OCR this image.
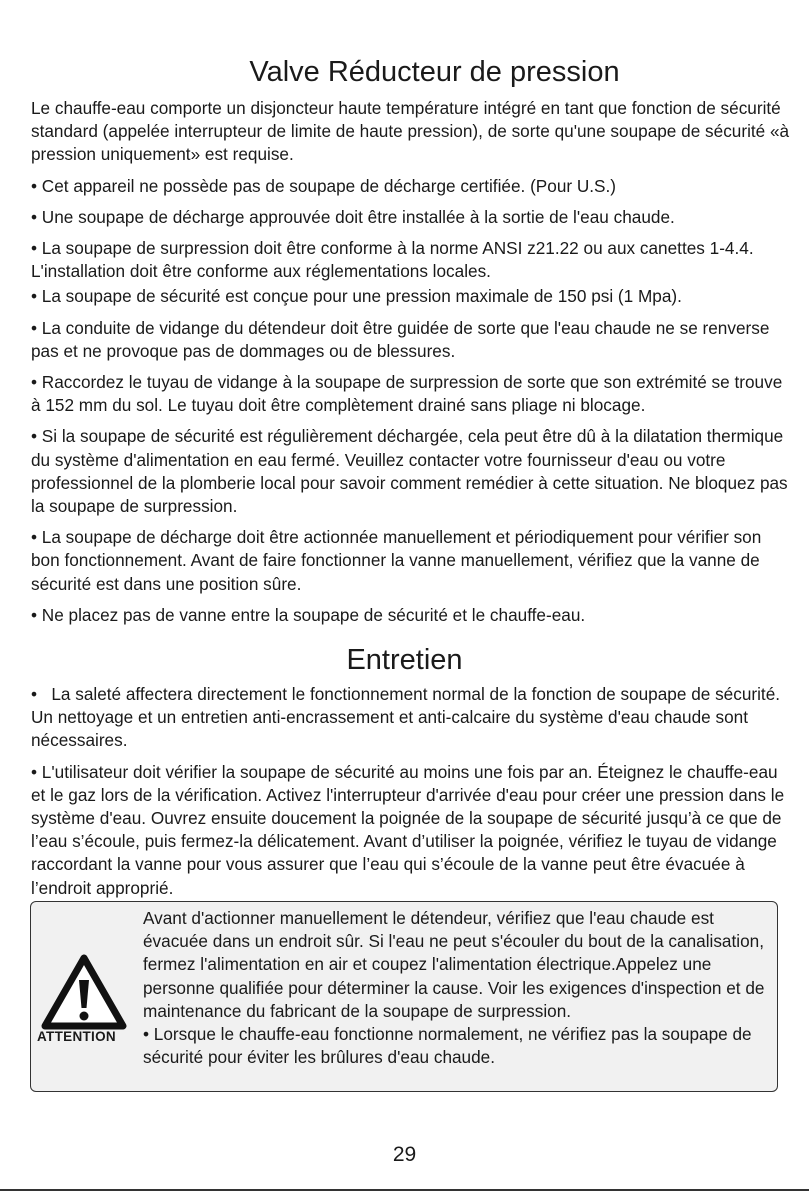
Valve Réducteur de pression

Le chauffe-eau comporte un disjoncteur haute température intégré en tant que fonction de sécurité standard (appelée interrupteur de limite de haute pression), de sorte qu'une soupape de sécurité «à pression uniquement» est requise.

• Cet appareil ne possède pas de soupape de décharge certifiée. (Pour U.S.)

• Une soupape de décharge approuvée doit être installée à la sortie de l'eau chaude.

• La soupape de surpression doit être conforme à la norme ANSI z21.22 ou aux canettes 1-4.4. L'installation doit être conforme aux réglementations locales.

• La soupape de sécurité est conçue pour une pression maximale de 150 psi (1 Mpa).

• La conduite de vidange du détendeur doit être guidée de sorte que l'eau chaude ne se renverse pas et ne provoque pas de dommages ou de blessures.

• Raccordez le tuyau de vidange à la soupape de surpression de sorte que son extrémité se trouve à 152 mm du sol. Le tuyau doit être complètement drainé sans pliage ni blocage.

• Si la soupape de sécurité est régulièrement déchargée, cela peut être dû à la dilatation thermique du système d'alimentation en eau fermé. Veuillez contacter votre fournisseur d'eau ou votre professionnel de la plomberie local pour savoir comment remédier à cette situation. Ne bloquez pas la soupape de surpression.

• La soupape de décharge doit être actionnée manuellement et périodiquement pour vérifier son bon fonctionnement. Avant de faire fonctionner la vanne manuellement, vérifiez que la vanne de sécurité est dans une position sûre.

• Ne placez pas de vanne entre la soupape de sécurité et le chauffe-eau.

Entretien

•   La saleté affectera directement le fonctionnement normal de la fonction de soupape de sécurité. Un nettoyage et un entretien anti-encrassement et anti-calcaire du système d'eau chaude sont nécessaires.

• L'utilisateur doit vérifier la soupape de sécurité au moins une fois par an. Éteignez le chauffe-eau et le gaz lors de la vérification. Activez l'interrupteur d'arrivée d'eau pour créer une pression dans le système d'eau. Ouvrez ensuite doucement la poignée de la soupape de sécurité jusqu’à ce que de l’eau s’écoule, puis fermez-la délicatement. Avant d’utiliser la poignée, vérifiez le tuyau de vidange raccordant la vanne pour vous assurer que l’eau qui s’écoule de la vanne peut être évacuée à l’endroit approprié.

ATTENTION

Avant d'actionner manuellement le détendeur, vérifiez que l'eau chaude est évacuée dans un endroit sûr. Si l'eau ne peut s'écouler du bout de la canalisation, fermez l'alimentation en air et coupez l'alimentation électrique.Appelez une personne qualifiée pour déterminer la cause. Voir les exigences d'inspection et de maintenance du fabricant de la soupape de surpression.

• Lorsque le chauffe-eau fonctionne normalement, ne vérifiez pas la soupape de sécurité pour éviter les brûlures d'eau chaude.

29
